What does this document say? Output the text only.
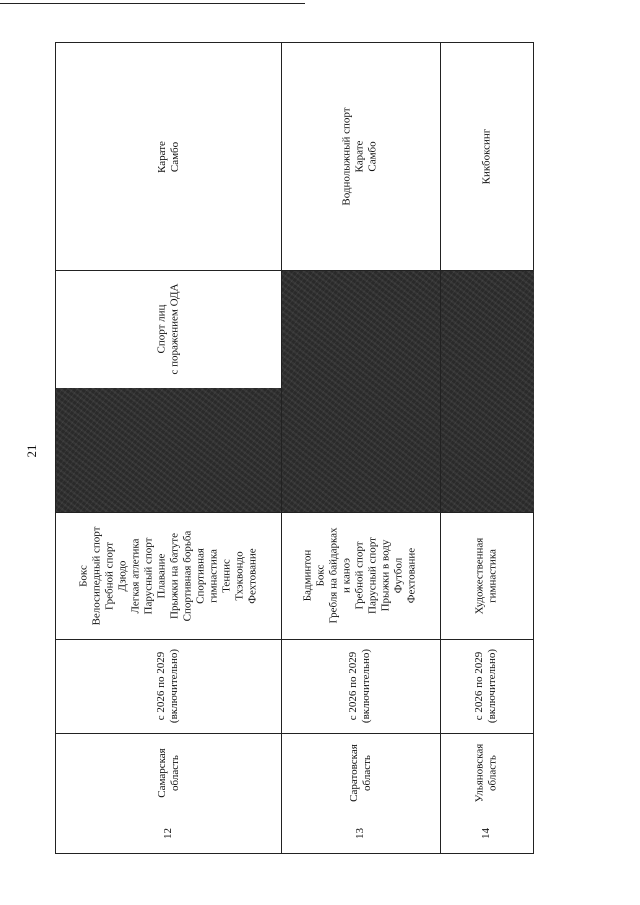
21
Карате Самбо
Спорт лиц с поражением ОДА
Бокс Велосипедный спорт Гребной спорт Дзюдо Легкая атлетика Парусный спорт Плавание Прыжки на батуте Спортивная борьба Спортивная гимнастика Теннис Тхэквондо Фехтование
с 2026 по 2029 (включительно)
Самарская область
12
Воднолыжный спорт Карате Самбо
Бадминтон Бокс Гребля на байдарках и каноэ Гребной спорт Парусный спорт Прыжки в воду Футбол Фехтование
с 2026 по 2029 (включительно)
Саратовская область
13
Кикбоксинг
Художественная гимнастика
с 2026 по 2029 (включительно)
Ульяновская область
14
